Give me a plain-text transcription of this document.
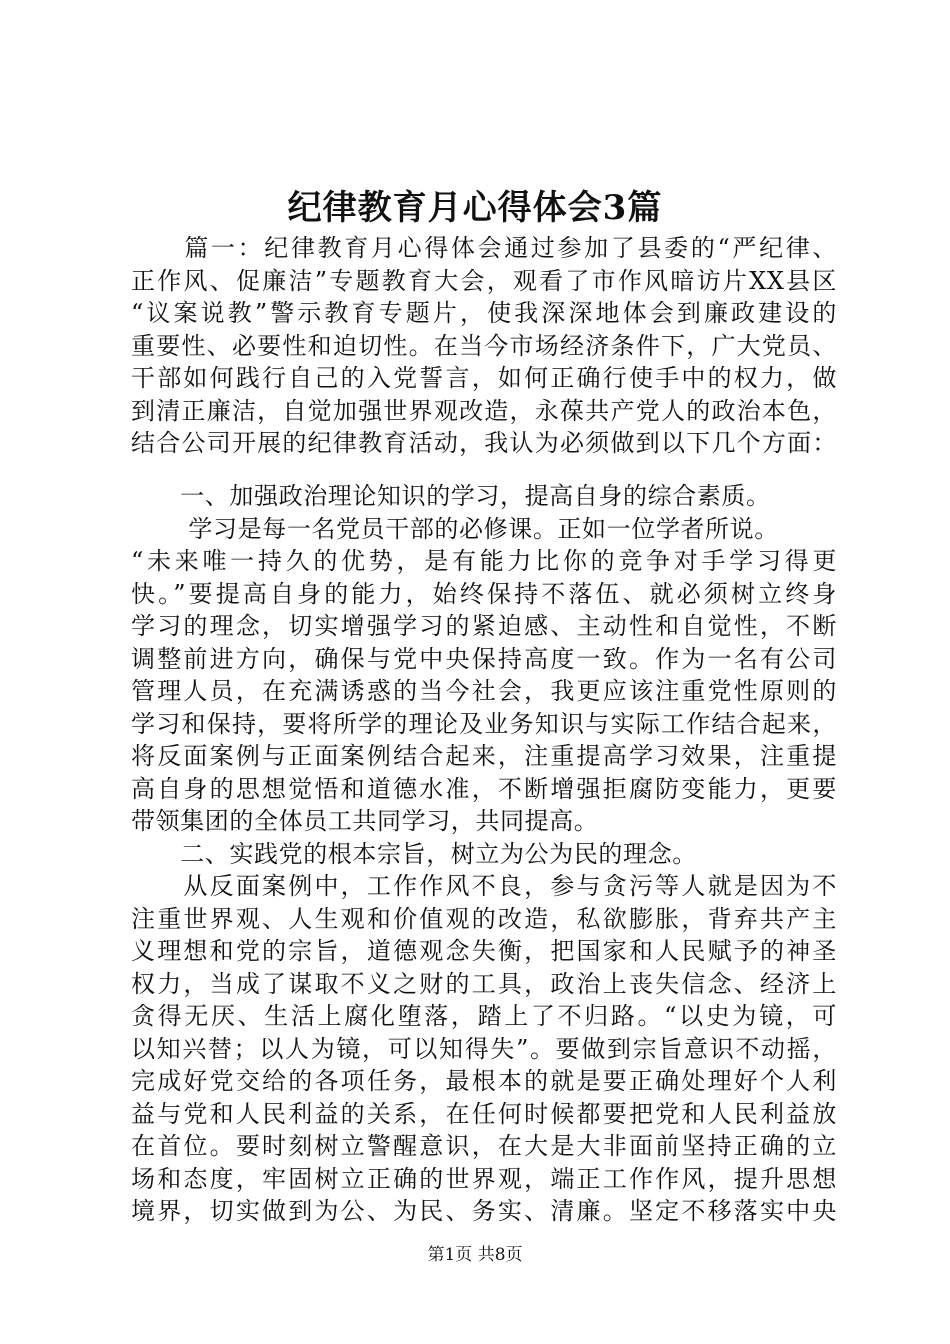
纪律教育月心得体会3篇
　　篇一：纪律教育月心得体会通过参加了县委的“严纪律、
正作风、促廉洁”专题教育大会，观看了市作风暗访片XX县区
“议案说教”警示教育专题片，使我深深地体会到廉政建设的
重要性、必要性和迫切性。在当今市场经济条件下，广大党员、
干部如何践行自己的入党誓言，如何正确行使手中的权力，做
到清正廉洁，自觉加强世界观改造，永葆共产党人的政治本色，
结合公司开展的纪律教育活动，我认为必须做到以下几个方面：
　　一、加强政治理论知识的学习，提高自身的综合素质。
　　 学习是每一名党员干部的必修课。正如一位学者所说。
“未来唯一持久的优势，是有能力比你的竞争对手学习得更
快。”要提高自身的能力，始终保持不落伍、就必须树立终身
学习的理念，切实增强学习的紧迫感、主动性和自觉性，不断
调整前进方向，确保与党中央保持高度一致。作为一名有公司
管理人员，在充满诱惑的当今社会，我更应该注重党性原则的
学习和保持，要将所学的理论及业务知识与实际工作结合起来，
将反面案例与正面案例结合起来，注重提高学习效果，注重提
高自身的思想觉悟和道德水准，不断增强拒腐防变能力，更要
带领集团的全体员工共同学习，共同提高。
　　二、实践党的根本宗旨，树立为公为民的理念。
　　从反面案例中，工作作风不良，参与贪污等人就是因为不
注重世界观、人生观和价值观的改造，私欲膨胀，背弃共产主
义理想和党的宗旨，道德观念失衡，把国家和人民赋予的神圣
权力，当成了谋取不义之财的工具，政治上丧失信念、经济上
贪得无厌、生活上腐化堕落，踏上了不归路。“以史为镜，可
以知兴替；以人为镜，可以知得失”。要做到宗旨意识不动摇，
完成好党交给的各项任务，最根本的就是要正确处理好个人利
益与党和人民利益的关系，在任何时候都要把党和人民利益放
在首位。要时刻树立警醒意识，在大是大非面前坚持正确的立
场和态度，牢固树立正确的世界观，端正工作作风，提升思想
境界，切实做到为公、为民、务实、清廉。坚定不移落实中央
第1页 共8页
